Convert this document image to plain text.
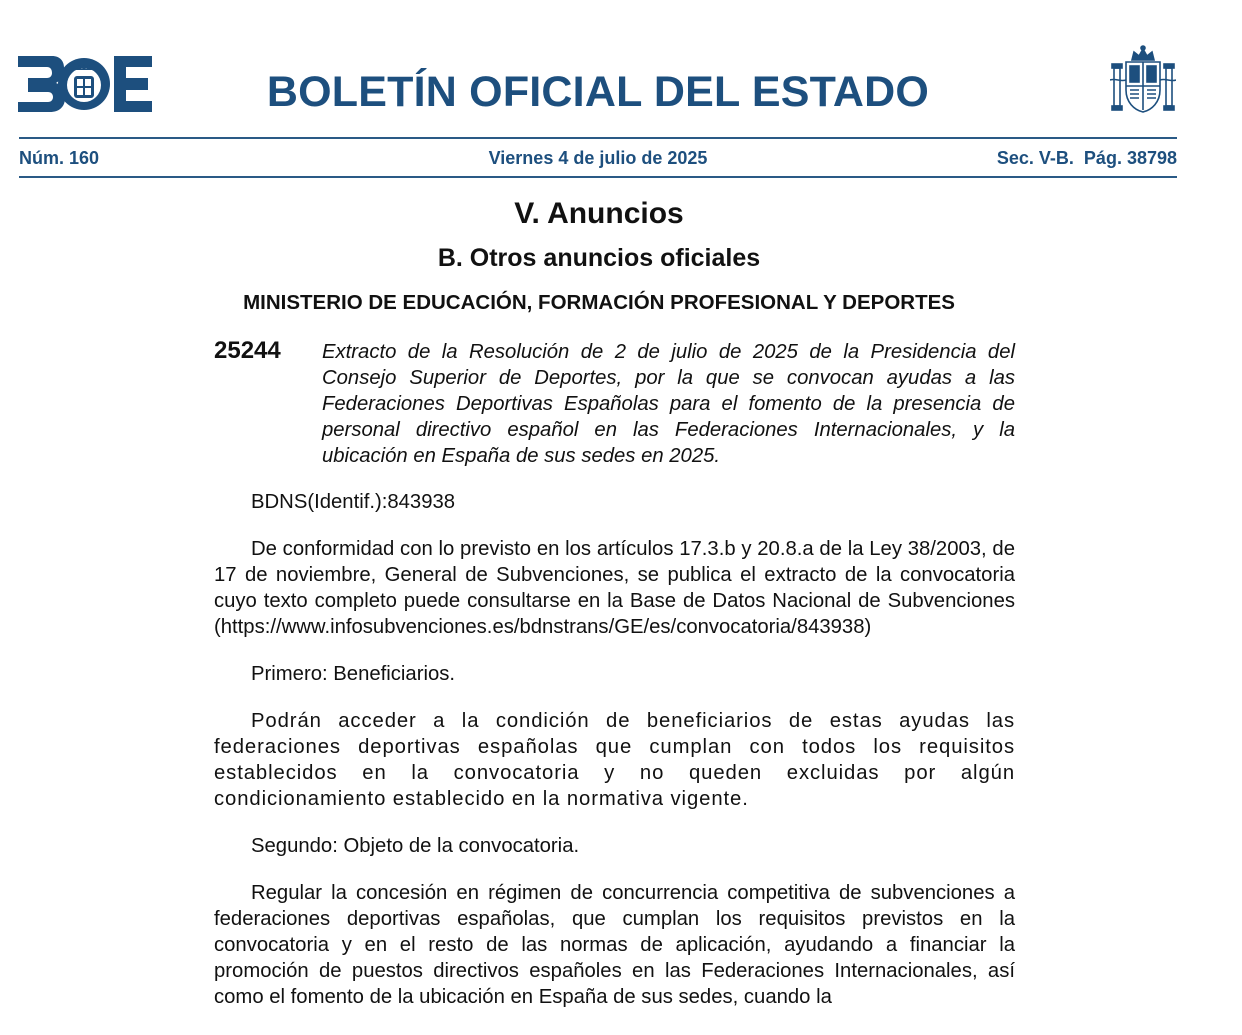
BOLETÍN OFICIAL DEL ESTADO
Núm. 160	Viernes 4 de julio de 2025	Sec. V-B.  Pág. 38798
V. Anuncios
B. Otros anuncios oficiales
MINISTERIO DE EDUCACIÓN, FORMACIÓN PROFESIONAL Y DEPORTES
25244 Extracto de la Resolución de 2 de julio de 2025 de la Presidencia del Consejo Superior de Deportes, por la que se convocan ayudas a las Federaciones Deportivas Españolas para el fomento de la presencia de personal directivo español en las Federaciones Internacionales, y la ubicación en España de sus sedes en 2025.

BDNS(Identif.):843938

De conformidad con lo previsto en los artículos 17.3.b y 20.8.a de la Ley 38/2003, de 17 de noviembre, General de Subvenciones, se publica el extracto de la convocatoria cuyo texto completo puede consultarse en la Base de Datos Nacional de Subvenciones (https://www.infosubvenciones.es/bdnstrans/GE/es/convocatoria/843938)

Primero: Beneficiarios.

Podrán acceder a la condición de beneficiarios de estas ayudas las federaciones deportivas españolas que cumplan con todos los requisitos establecidos en la convocatoria y no queden excluidas por algún condicionamiento establecido en la normativa vigente.

Segundo: Objeto de la convocatoria.

Regular la concesión en régimen de concurrencia competitiva de subvenciones a federaciones deportivas españolas, que cumplan los requisitos previstos en la convocatoria y en el resto de las normas de aplicación, ayudando a financiar la promoción de puestos directivos españoles en las Federaciones Internacionales, así como el fomento de la ubicación en España de sus sedes, cuando la
